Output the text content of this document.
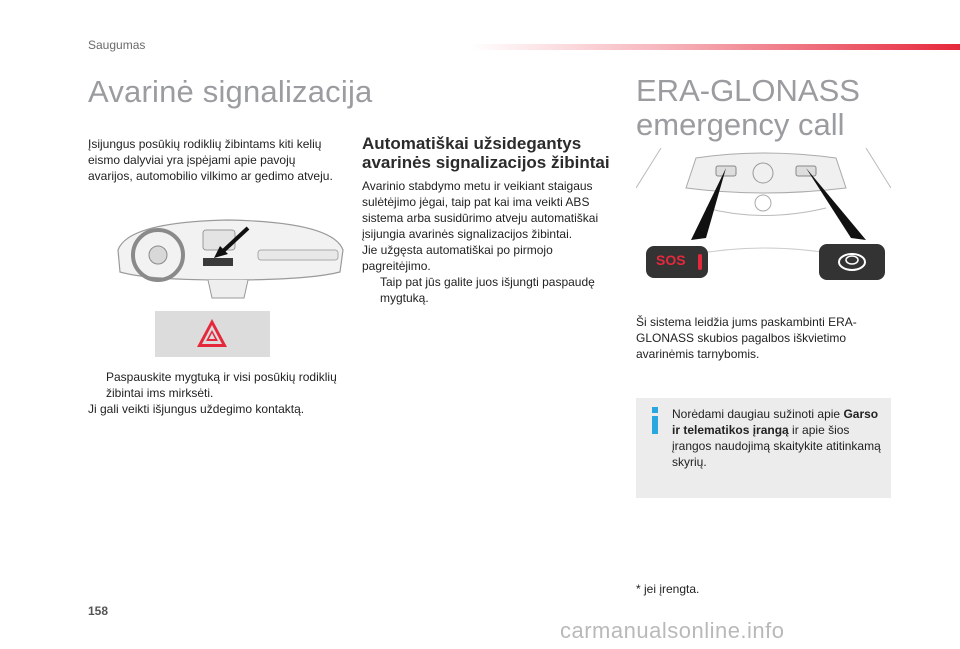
Saugumas
Avarinė signalizacija
Įsijungus posūkių rodiklių žibintams kiti kelių
eismo dalyviai yra įspėjami apie pavojų
avarijos, automobilio vilkimo ar gedimo atveju.
Paspauskite mygtuką ir visi posūkių rodiklių
žibintai ims mirksėti.
Ji gali veikti išjungus uždegimo kontaktą.
Automatiškai užsidegantys
avarinės signalizacijos žibintai
Avarinio stabdymo metu ir veikiant staigaus
sulėtėjimo jėgai, taip pat kai ima veikti ABS
sistema arba susidūrimo atveju automatiškai
įsijungia avarinės signalizacijos žibintai.
Jie užgęsta automatiškai po pirmojo
pagreitėjimo.
Taip pat jūs galite juos išjungti paspaudę
mygtuką.
ERA-GLONASS
emergency call
SOS
Ši sistema leidžia jums paskambinti ERA-
GLONASS skubios pagalbos iškvietimo
avarinėmis tarnybomis.
Norėdami daugiau sužinoti apie Garso
ir telematikos įrangą ir apie šios
įrangos naudojimą skaitykite atitinkamą
skyrių.
* jei įrengta.
158
carmanualsonline.info
